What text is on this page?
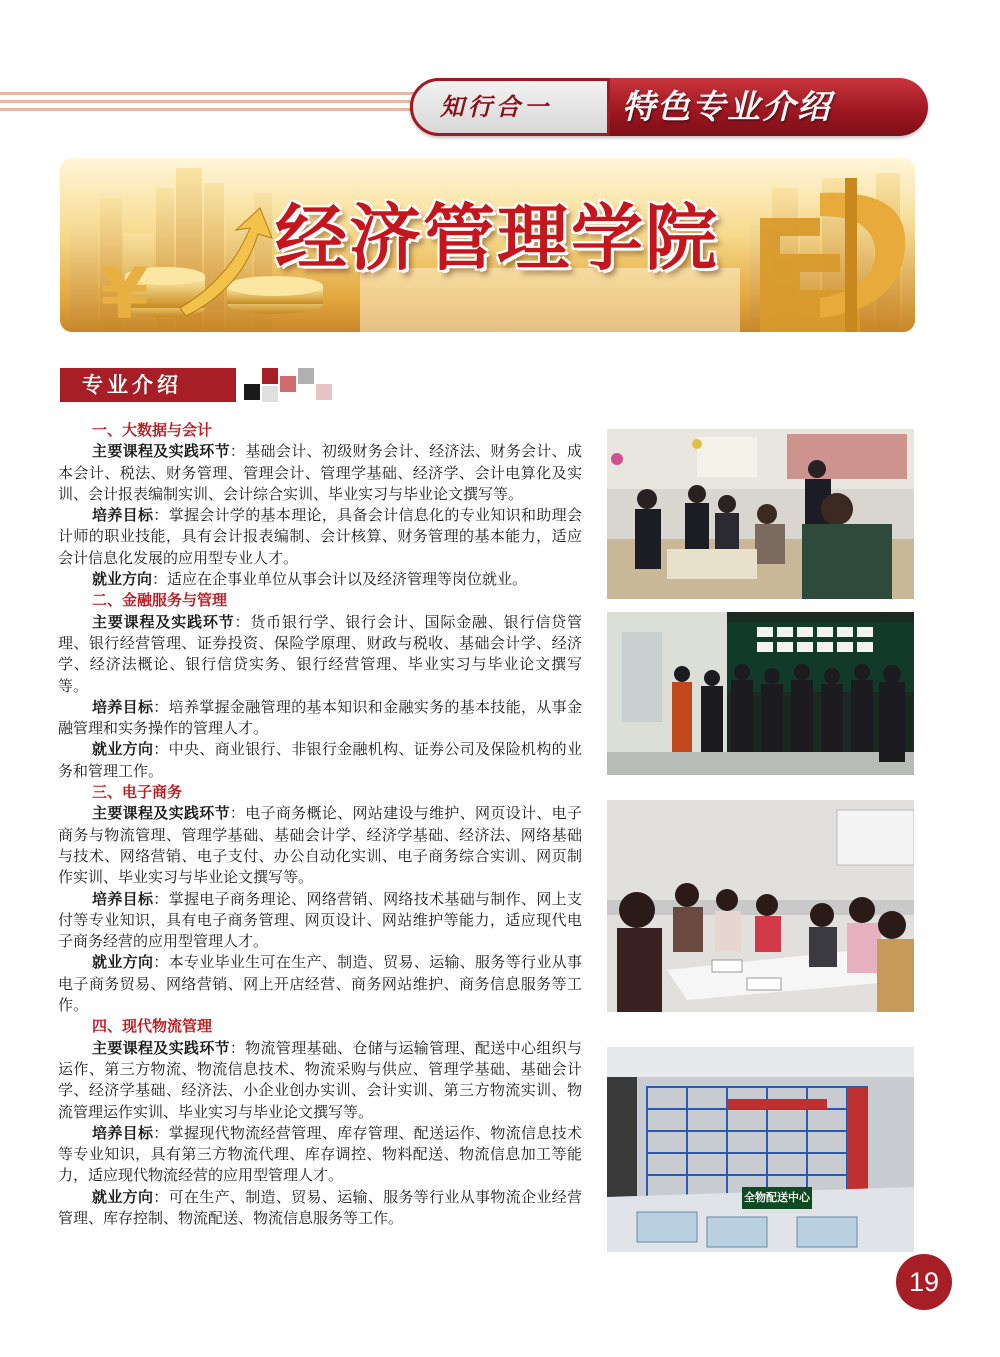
知行合一	特色专业介绍
¥
经济管理学院
专业介绍

一、大数据与会计

主要课程及实践环节：基础会计、初级财务会计、经济法、财务会计、成本会计、税法、财务管理、管理会计、管理学基础、经济学、会计电算化及实训、会计报表编制实训、会计综合实训、毕业实习与毕业论文撰写等。

培养目标：掌握会计学的基本理论，具备会计信息化的专业知识和助理会计师的职业技能，具有会计报表编制、会计核算、财务管理的基本能力，适应会计信息化发展的应用型专业人才。

就业方向：适应在企事业单位从事会计以及经济管理等岗位就业。

二、金融服务与管理

主要课程及实践环节：货币银行学、银行会计、国际金融、银行信贷管理、银行经营管理、证券投资、保险学原理、财政与税收、基础会计学、经济学、经济法概论、银行信贷实务、银行经营管理、毕业实习与毕业论文撰写等。

培养目标：培养掌握金融管理的基本知识和金融实务的基本技能，从事金融管理和实务操作的管理人才。

就业方向：中央、商业银行、非银行金融机构、证券公司及保险机构的业务和管理工作。

三、电子商务

主要课程及实践环节：电子商务概论、网站建设与维护、网页设计、电子商务与物流管理、管理学基础、基础会计学、经济学基础、经济法、网络基础与技术、网络营销、电子支付、办公自动化实训、电子商务综合实训、网页制作实训、毕业实习与毕业论文撰写等。

培养目标：掌握电子商务理论、网络营销、网络技术基础与制作、网上支付等专业知识，具有电子商务管理、网页设计、网站维护等能力，适应现代电子商务经营的应用型管理人才。

就业方向：本专业毕业生可在生产、制造、贸易、运输、服务等行业从事电子商务贸易、网络营销、网上开店经营、商务网站维护、商务信息服务等工作。

四、现代物流管理

主要课程及实践环节：物流管理基础、仓储与运输管理、配送中心组织与运作、第三方物流、物流信息技术、物流采购与供应、管理学基础、基础会计学、经济学基础、经济法、小企业创办实训、会计实训、第三方物流实训、物流管理运作实训、毕业实习与毕业论文撰写等。

培养目标：掌握现代物流经营管理、库存管理、配送运作、物流信息技术等专业知识，具有第三方物流代理、库存调控、物料配送、物流信息加工等能力，适应现代物流经营的应用型管理人才。

就业方向：可在生产、制造、贸易、运输、服务等行业从事物流企业经营管理、库存控制、物流配送、物流信息服务等工作。

全物配送中心
19
